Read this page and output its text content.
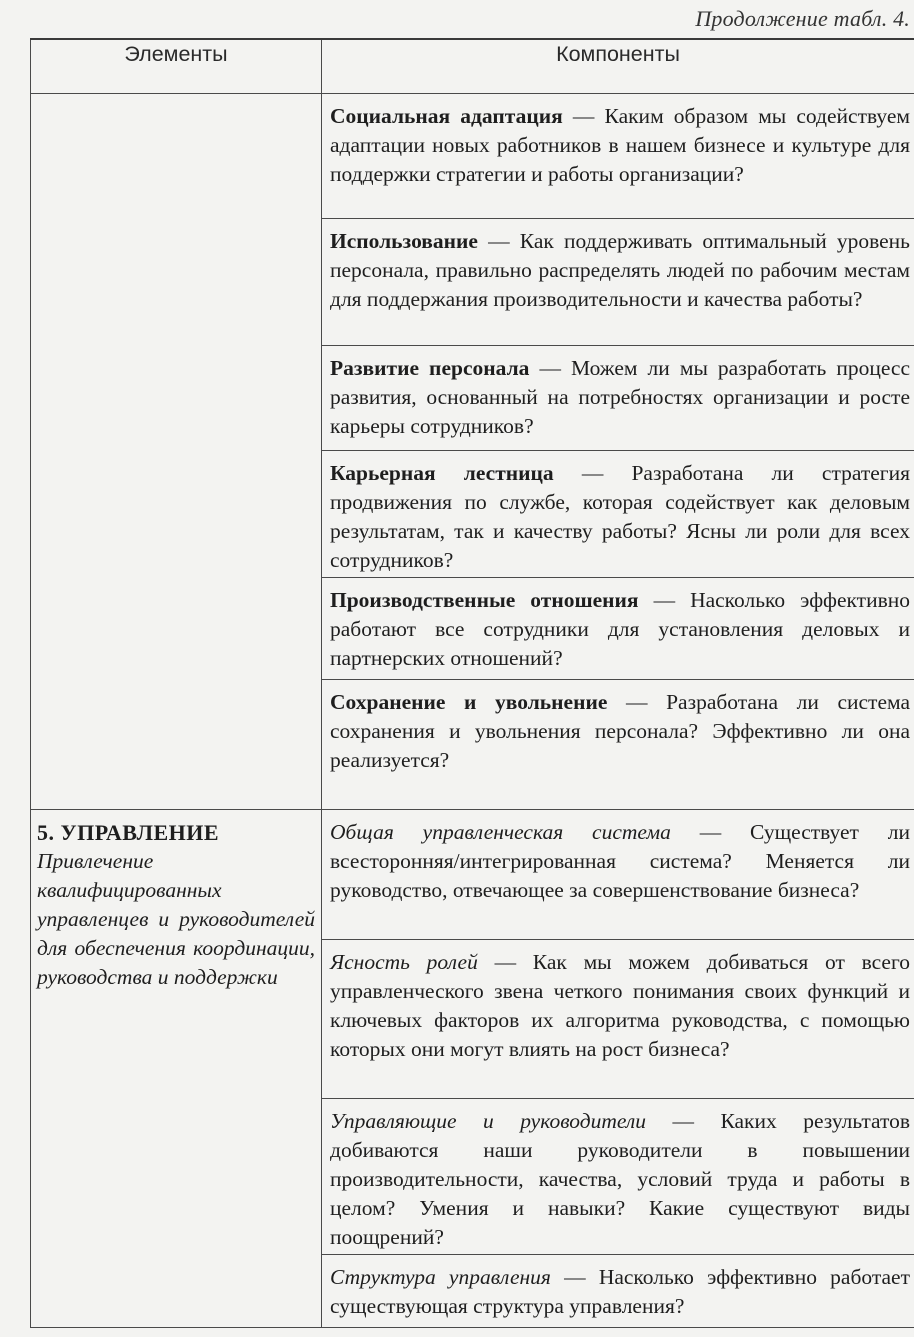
Продолжение табл. 4.
Элементы	Компоненты

	Социальная адаптация — Каким образом мы содействуем адаптации новых работников в нашем бизнесе и культуре для поддержки стратегии и работы организации?

	Использование — Как поддерживать оптимальный уровень персонала, правильно распределять людей по рабочим местам для поддержания производительности и качества работы?

	Развитие персонала — Можем ли мы разработать процесс развития, основанный на потребностях организации и росте карьеры сотрудников?

	Карьерная лестница — Разработана ли стратегия продвижения по службе, которая содействует как деловым результатам, так и качеству работы? Ясны ли роли для всех сотрудников?

	Производственные отношения — Насколько эффективно работают все сотрудники для установления деловых и партнерских отношений?

	Сохранение и увольнение — Разработана ли система сохранения и увольнения персонала? Эффективно ли она реализуется?

5. УПРАВЛЕНИЕ
Привлечение квалифицированных управленцев и руководителей для обеспечения координации, руководства и поддержки	Общая управленческая система — Существует ли всесторонняя/интегрированная система? Меняется ли руководство, отвечающее за совершенствование бизнеса?

	Ясность ролей — Как мы можем добиваться от всего управленческого звена четкого понимания своих функций и ключевых факторов их алгоритма руководства, с помощью которых они могут влиять на рост бизнеса?

	Управляющие и руководители — Каких результатов добиваются наши руководители в повышении производительности, качества, условий труда и работы в целом? Умения и навыки? Какие существуют виды поощрений?

	Структура управления — Насколько эффективно работает существующая структура управления?
